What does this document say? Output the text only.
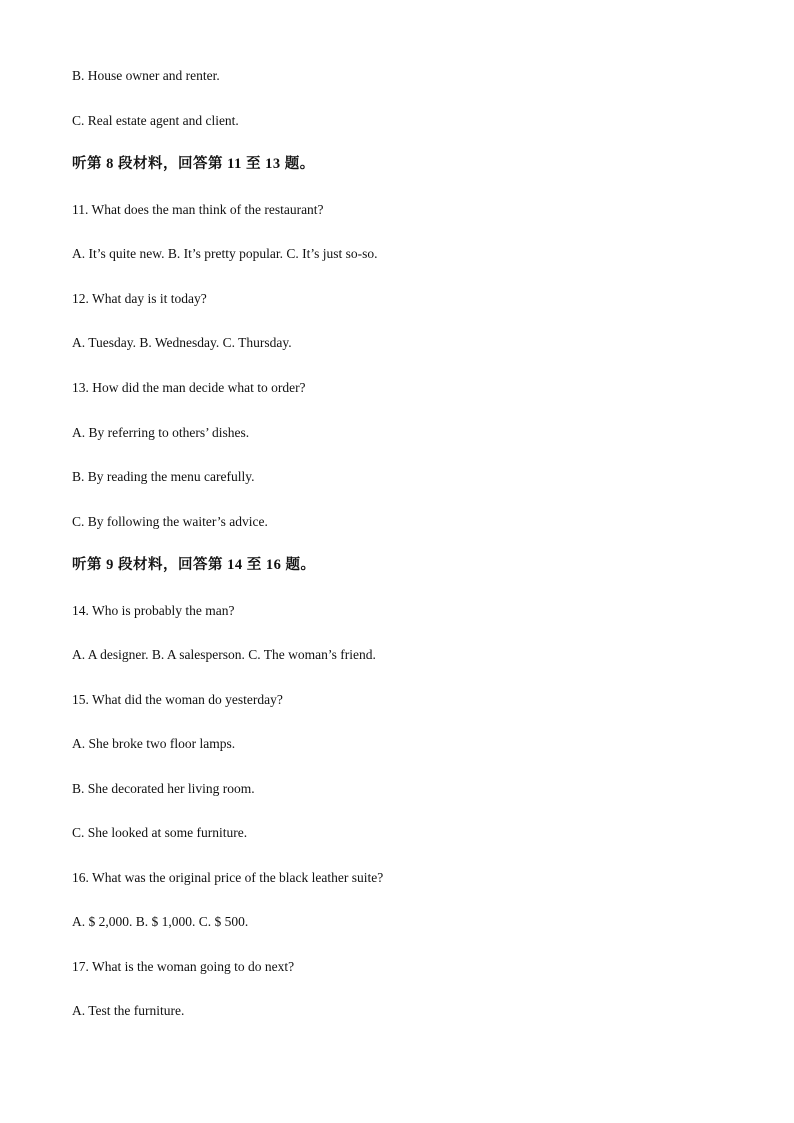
B. House owner and renter.
C. Real estate agent and client.
听第 8 段材料，回答第 11 至 13 题。
11. What does the man think of the restaurant?
A. It’s quite new. B. It’s pretty popular. C. It’s just so-so.
12. What day is it today?
A. Tuesday. B. Wednesday. C. Thursday.
13. How did the man decide what to order?
A. By referring to others’ dishes.
B. By reading the menu carefully.
C. By following the waiter’s advice.
听第 9 段材料，回答第 14 至 16 题。
14. Who is probably the man?
A. A designer. B. A salesperson. C. The woman’s friend.
15. What did the woman do yesterday?
A. She broke two floor lamps.
B. She decorated her living room.
C. She looked at some furniture.
16. What was the original price of the black leather suite?
A. $ 2,000. B. $ 1,000. C. $ 500.
17. What is the woman going to do next?
A. Test the furniture.
